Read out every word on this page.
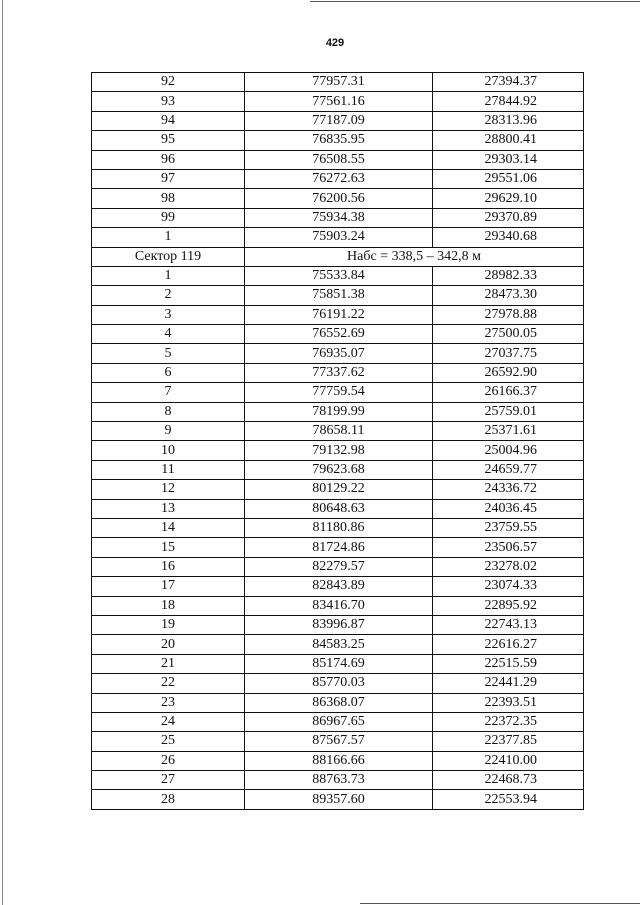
429
92	77957.31	27394.37
93	77561.16	27844.92
94	77187.09	28313.96
95	76835.95	28800.41
96	76508.55	29303.14
97	76272.63	29551.06
98	76200.56	29629.10
99	75934.38	29370.89
1	75903.24	29340.68
Сектор 119	Набс = 338,5 – 342,8 м	
1	75533.84	28982.33
2	75851.38	28473.30
3	76191.22	27978.88
4	76552.69	27500.05
5	76935.07	27037.75
6	77337.62	26592.90
7	77759.54	26166.37
8	78199.99	25759.01
9	78658.11	25371.61
10	79132.98	25004.96
11	79623.68	24659.77
12	80129.22	24336.72
13	80648.63	24036.45
14	81180.86	23759.55
15	81724.86	23506.57
16	82279.57	23278.02
17	82843.89	23074.33
18	83416.70	22895.92
19	83996.87	22743.13
20	84583.25	22616.27
21	85174.69	22515.59
22	85770.03	22441.29
23	86368.07	22393.51
24	86967.65	22372.35
25	87567.57	22377.85
26	88166.66	22410.00
27	88763.73	22468.73
28	89357.60	22553.94
